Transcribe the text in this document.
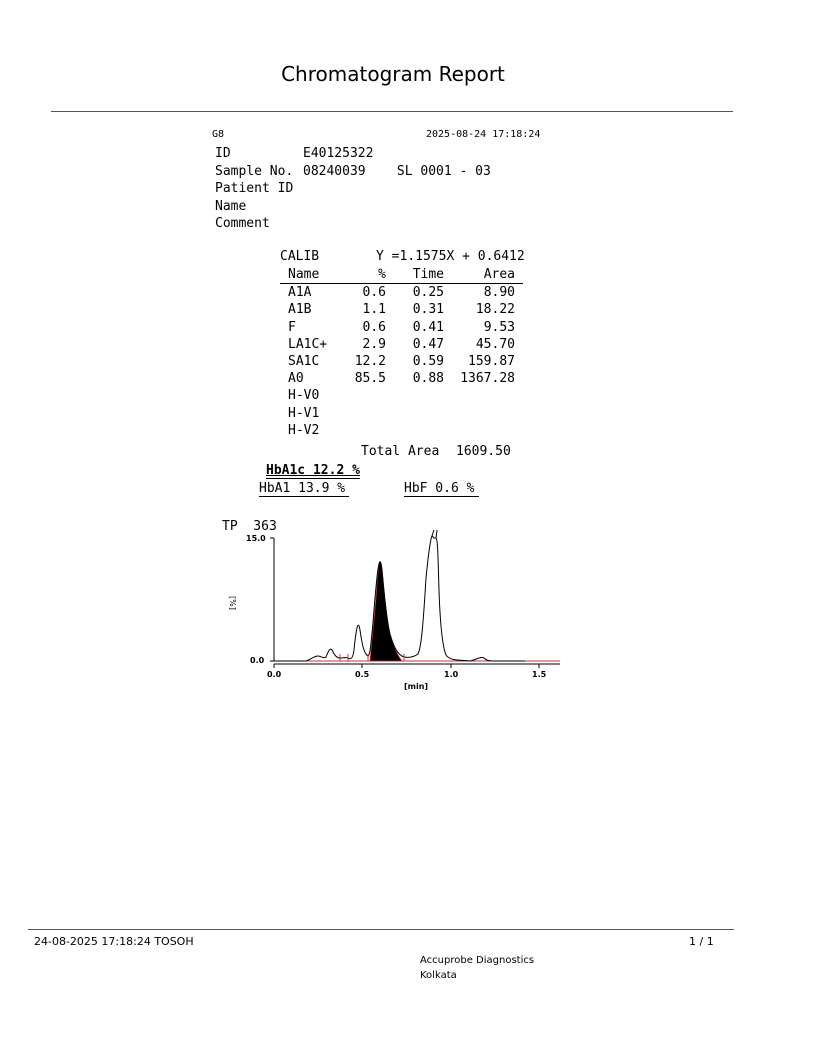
Chromatogram Report
G8	2025-08-24 17:18:24
ID	E40125322
Sample No. 08240039    SL 0001 - 03
Patient ID
Name
Comment
CALIB	Y =1.1575X + 0.6412
Name	%	Time	Area
A1A	0.6	0.25	8.90
A1B	1.1	0.31	18.22
F	0.6	0.41	9.53
LA1C+	2.9	0.47	45.70
SA1C	12.2	0.59	159.87
A0	85.5	0.88	1367.28
H-V0			
H-V1			
H-V2			
Total Area 1609.50
HbA1c 12.2 %
HbA1 13.9 %	HbF 0.6 %
TP  363
15.0
0.0
[%]
0.0	0.5	1.0	1.5
[min]
24-08-2025 17:18:24 TOSOH	1 / 1
Accuprobe Diagnostics
Kolkata
